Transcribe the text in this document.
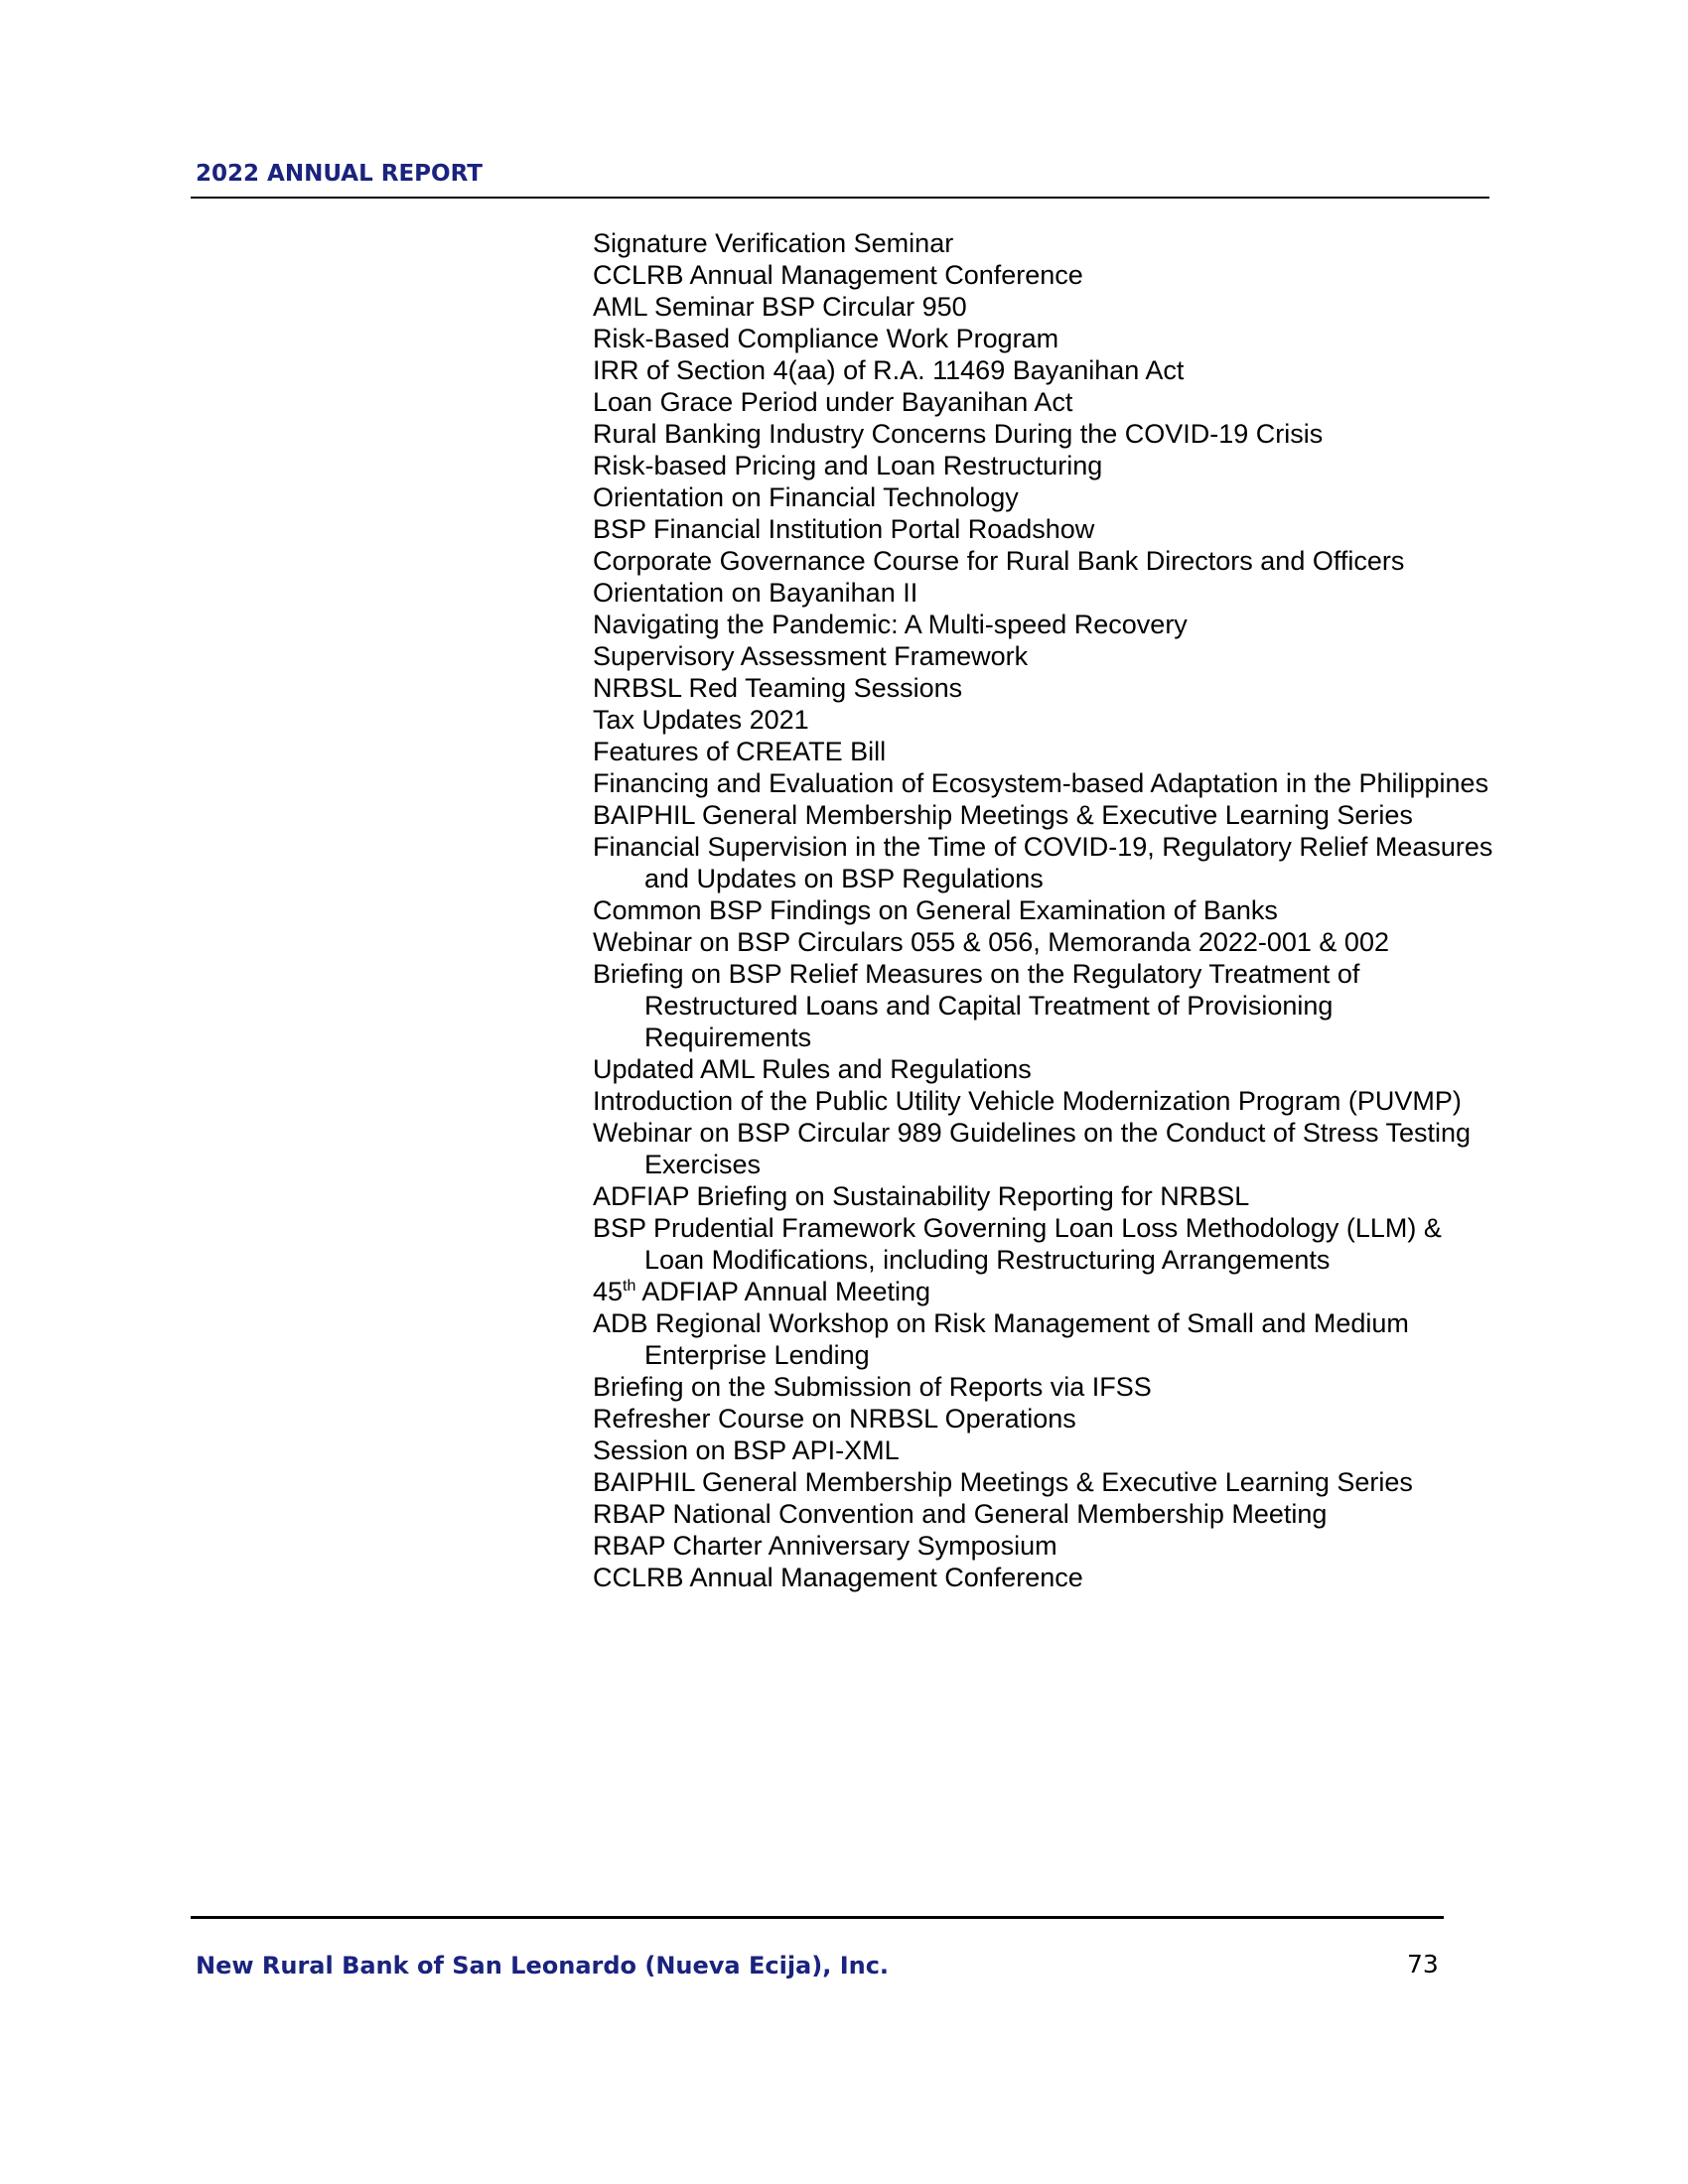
2022 ANNUAL REPORT
Signature Verification Seminar
CCLRB Annual Management Conference
AML Seminar BSP Circular 950
Risk-Based Compliance Work Program
IRR of Section 4(aa) of R.A. 11469 Bayanihan Act
Loan Grace Period under Bayanihan Act
Rural Banking Industry Concerns During the COVID-19 Crisis
Risk-based Pricing and Loan Restructuring
Orientation on Financial Technology
BSP Financial Institution Portal Roadshow
Corporate Governance Course for Rural Bank Directors and Officers
Orientation on Bayanihan II
Navigating the Pandemic: A Multi-speed Recovery
Supervisory Assessment Framework
NRBSL Red Teaming Sessions
Tax Updates 2021
Features of CREATE Bill
Financing and Evaluation of Ecosystem-based Adaptation in the Philippines
BAIPHIL General Membership Meetings & Executive Learning Series
Financial Supervision in the Time of COVID-19, Regulatory Relief Measures and Updates on BSP Regulations
Common BSP Findings on General Examination of Banks
Webinar on BSP Circulars 055 & 056, Memoranda 2022-001 & 002
Briefing on BSP Relief Measures on the Regulatory Treatment of Restructured Loans and Capital Treatment of Provisioning Requirements
Updated AML Rules and Regulations
Introduction of the Public Utility Vehicle Modernization Program (PUVMP)
Webinar on BSP Circular 989 Guidelines on the Conduct of Stress Testing Exercises
ADFIAP Briefing on Sustainability Reporting for NRBSL
BSP Prudential Framework Governing Loan Loss Methodology (LLM) & Loan Modifications, including Restructuring Arrangements
45th ADFIAP Annual Meeting
ADB Regional Workshop on Risk Management of Small and Medium Enterprise Lending
Briefing on the Submission of Reports via IFSS
Refresher Course on NRBSL Operations
Session on BSP API-XML
BAIPHIL General Membership Meetings & Executive Learning Series
RBAP National Convention and General Membership Meeting
RBAP Charter Anniversary Symposium
CCLRB Annual Management Conference
New Rural Bank of San Leonardo (Nueva Ecija), Inc.	73
